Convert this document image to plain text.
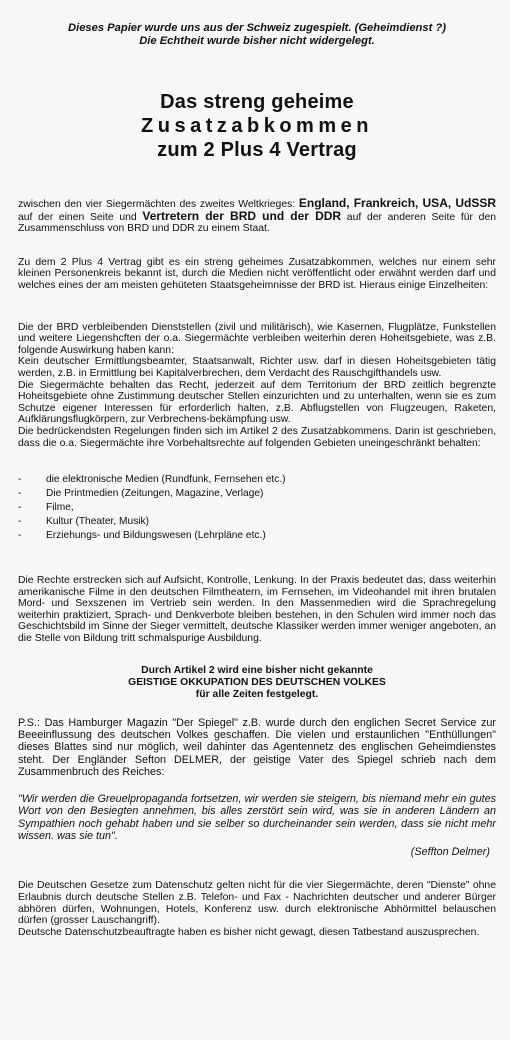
Dieses Papier wurde uns aus der Schweiz zugespielt. (Geheimdienst ?)
Die Echtheit wurde bisher nicht widergelegt.
Das streng geheime
Zusatzabkommen
zum 2 Plus 4 Vertrag

zwischen den vier Siegermächten des zweites Weltkrieges: England, Frankreich, USA, UdSSR auf der einen Seite und Vertretern der BRD und der DDR auf der anderen Seite für den Zusammenschluss von BRD und DDR zu einem Staat.

Zu dem 2 Plus 4 Vertrag gibt es ein streng geheimes Zusatzabkommen, welches nur einem sehr kleinen Personenkreis bekannt ist, durch die Medien nicht veröffentlicht oder erwähnt werden darf und welches eines der am meisten gehüteten Staatsgeheimnisse der BRD ist. Hieraus einige Einzelheiten:

Die der BRD verbleibenden Dienststellen (zivil und militärisch), wie Kasernen, Flugplätze, Funkstellen und weitere Liegenshcften der o.a. Siegermächte verbleiben weiterhin deren Hoheitsgebiete, was z.B. folgende Auswirkung haben kann:

Kein deutscher Ermittlungsbeamter, Staatsanwalt, Richter usw. darf in diesen Hoheitsgebieten tätig werden, z.B. in Ermittlung bei Kapitalverbrechen, dem Verdacht des Rauschgifthandels usw.

Die Siegermächte behalten das Recht, jederzeit auf dem Territorium der BRD zeitlich begrenzte Hoheitsgebiete ohne Zustimmung deutscher Stellen einzurichten und zu unterhalten, wenn sie es zum Schutze eigener Interessen für erforderlich halten, z.B. Abflugstellen von Flugzeugen, Raketen, Aufklärungsflugkörpern, zur Verbrechens-bekämpfung usw.

Die bedrückendsten Regelungen finden sich im Artikel 2 des Zusatzabkommens. Darin ist geschrieben, dass die o.a. Siegermächte ihre Vorbehaltsrechte auf folgenden Gebieten uneingeschränkt behalten:

-	die elektronische Medien (Rundfunk, Fernsehen etc.)
-	Die Printmedien (Zeitungen, Magazine, Verlage)
-	Filme,
-	Kultur (Theater, Musik)
-	Erziehungs- und Bildungswesen (Lehrpläne etc.)

Die Rechte erstrecken sich auf Aufsicht, Kontrolle, Lenkung. In der Praxis bedeutet das, dass weiterhin amerikanische Filme in den deutschen Filmtheatern, im Fernsehen, im Videohandel mit ihren brutalen Mord- und Sexszenen im Vertrieb sein werden. In den Massenmedien wird die Sprachregelung weiterhin praktiziert, Sprach- und Denkverbote bleiben bestehen, in den Schulen wird immer noch das Geschichtsbild im Sinne der Sieger vermittelt, deutsche Klassiker werden immer weniger angeboten, an die Stelle von Bildung tritt schmalspurige Ausbildung.

Durch Artikel 2 wird eine bisher nicht gekannte
GEISTIGE OKKUPATION DES DEUTSCHEN VOLKES
für alle Zeiten festgelegt.

P.S.: Das Hamburger Magazin "Der Spiegel" z.B. wurde durch den englichen Secret Service zur Beeeinflussung des deutschen Volkes geschaffen. Die vielen und erstaunlichen "Enthüllungen" dieses Blattes sind nur möglich, weil dahinter das Agentennetz des englischen Geheimdienstes steht. Der Engländer Sefton DELMER, der geistige Vater des Spiegel schrieb nach dem Zusammenbruch des Reiches:

"Wir werden die Greuelpropaganda fortsetzen, wir werden sie steigern, bis niemand mehr ein gutes Wort von den Besiegten annehmen, bis alles zerstört sein wird, was sie in anderen Ländern an Sympathien noch gehabt haben und sie selber so durcheinander sein werden, dass sie nicht mehr wissen. was sie tun".

(Seffton Delmer)

Die Deutschen Gesetze zum Datenschutz gelten nicht für die vier Siegermächte, deren "Dienste" ohne Erlaubnis durch deutsche Stellen z.B. Telefon- und Fax - Nachrichten deutscher und anderer Bürger abhören dürfen, Wohnungen, Hotels, Konferenz usw. durch elektronische Abhörmittel belauschen dürfen (grosser Lauschangriff).

Deutsche Datenschutzbeauftragte haben es bisher nicht gewagt, diesen Tatbestand auszusprechen.
